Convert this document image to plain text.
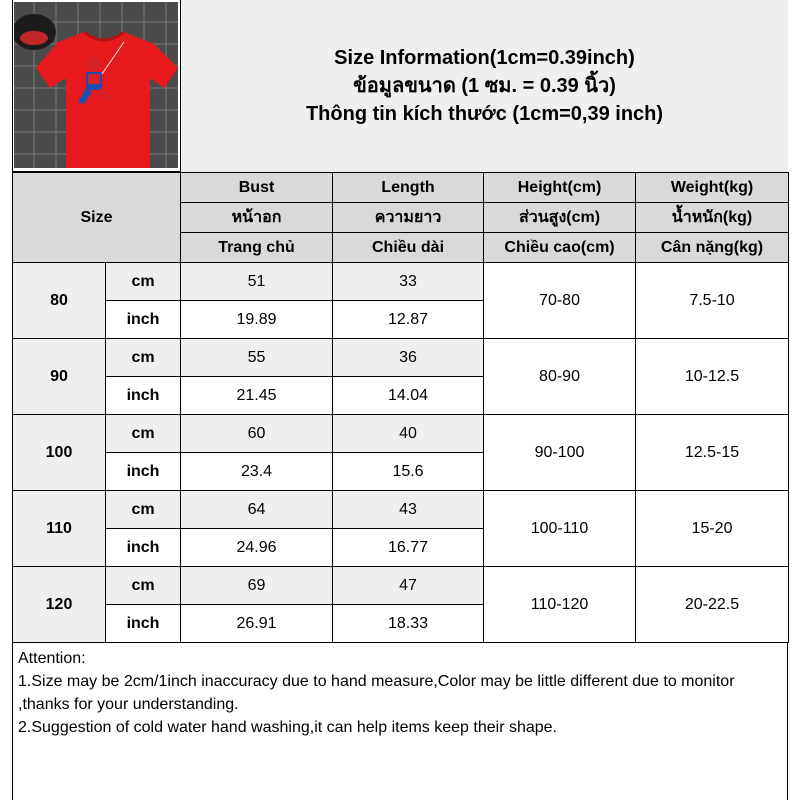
Size Information(1cm=0.39inch)
ข้อมูลขนาด (1 ซม. = 0.39 นิ้ว)
Thông tin kích thước (1cm=0,39 inch)
Size		Bust	Length	Height(cm)	Weight(kg)
		หน้าอก	ความยาว	ส่วนสูง(cm)	น้ำหนัก(kg)
		Trang chủ	Chiều dài	Chiều cao(cm)	Cân nặng(kg)
80	cm	51	33	70-80	7.5-10
	inch	19.89	12.87		
90	cm	55	36	80-90	10-12.5
	inch	21.45	14.04		
100	cm	60	40	90-100	12.5-15
	inch	23.4	15.6		
110	cm	64	43	100-110	15-20
	inch	24.96	16.77		
120	cm	69	47	110-120	20-22.5
	inch	26.91	18.33		
Attention:
1.Size may be 2cm/1inch inaccuracy due to hand measure,Color may be little different due to monitor ,thanks for your understanding.
2.Suggestion of cold water hand washing,it can help items keep their shape.
